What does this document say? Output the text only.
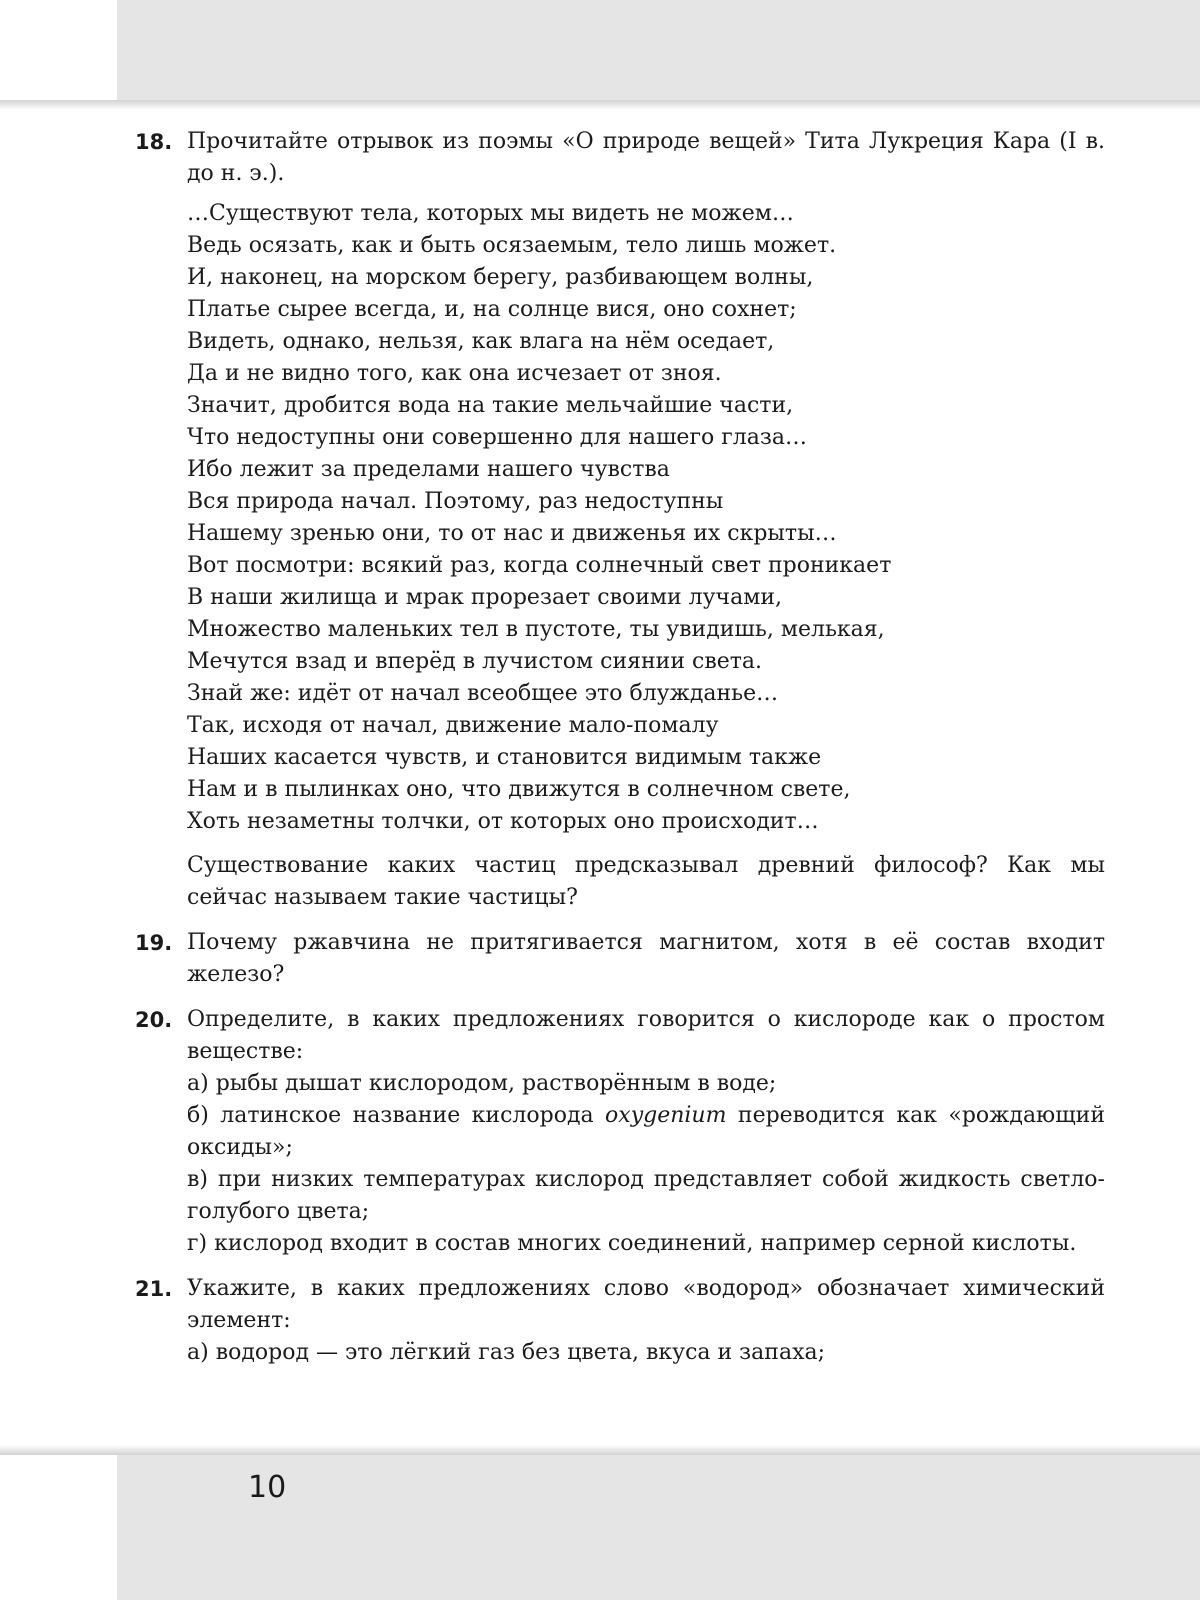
18. Прочитайте отрывок из поэмы «О природе вещей» Тита Лукреция Кара (I в. до н. э.).
…Существуют тела, которых мы видеть не можем…
Ведь осязать, как и быть осязаемым, тело лишь может.
И, наконец, на морском берегу, разбивающем волны,
Платье сырее всегда, и, на солнце вися, оно сохнет;
Видеть, однако, нельзя, как влага на нём оседает,
Да и не видно того, как она исчезает от зноя.
Значит, дробится вода на такие мельчайшие части,
Что недоступны они совершенно для нашего глаза…
Ибо лежит за пределами нашего чувства
Вся природа начал. Поэтому, раз недоступны
Нашему зренью они, то от нас и движенья их скрыты…
Вот посмотри: всякий раз, когда солнечный свет проникает
В наши жилища и мрак прорезает своими лучами,
Множество маленьких тел в пустоте, ты увидишь, мелькая,
Мечутся взад и вперёд в лучистом сиянии света.
Знай же: идёт от начал всеобщее это блужданье…
Так, исходя от начал, движение мало-помалу
Наших касается чувств, и становится видимым также
Нам и в пылинках оно, что движутся в солнечном свете,
Хоть незаметны толчки, от которых оно происходит…
Существование каких частиц предсказывал древний философ? Как мы сейчас называем такие частицы?
19. Почему ржавчина не притягивается магнитом, хотя в её состав входит железо?
20. Определите, в каких предложениях говорится о кислороде как о простом веществе:
а) рыбы дышат кислородом, растворённым в воде;
б) латинское название кислорода oxygenium переводится как «рождающий оксиды»;
в) при низких температурах кислород представляет собой жидкость светло-голубого цвета;
г) кислород входит в состав многих соединений, например серной кислоты.
21. Укажите, в каких предложениях слово «водород» обозначает химический элемент:
а) водород — это лёгкий газ без цвета, вкуса и запаха;
10
